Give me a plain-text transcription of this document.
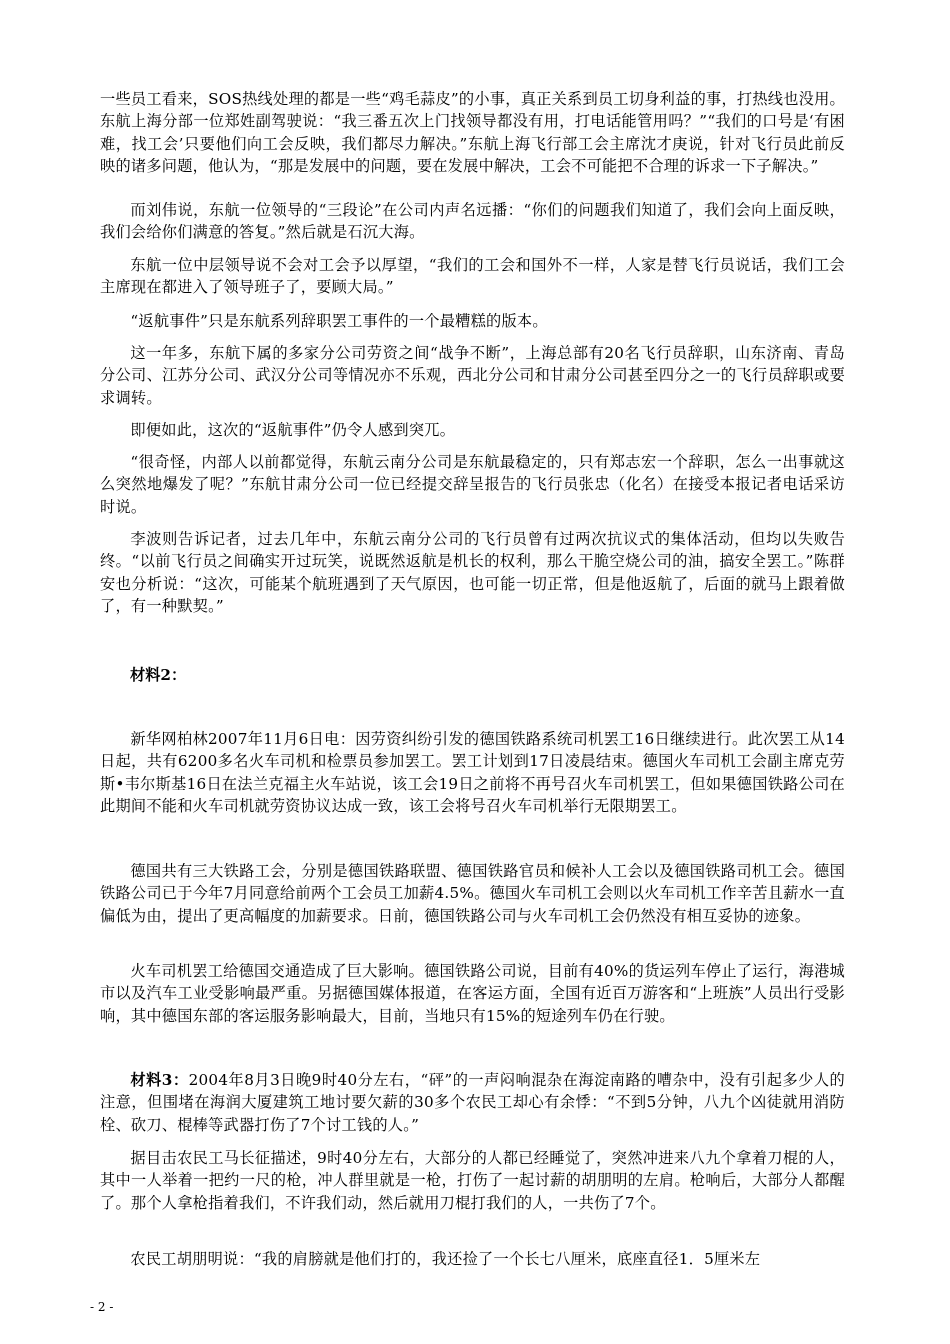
一些员工看来，SOS热线处理的都是一些“鸡毛蒜皮”的小事，真正关系到员工切身利益的事，打热线也没用。东航上海分部一位郑姓副驾驶说：“我三番五次上门找领导都没有用，打电话能管用吗？”“我们的口号是‘有困难，找工会’只要他们向工会反映，我们都尽力解决。”东航上海飞行部工会主席沈才庚说，针对飞行员此前反映的诸多问题，他认为，“那是发展中的问题，要在发展中解决，工会不可能把不合理的诉求一下子解决。”

而刘伟说，东航一位领导的“三段论”在公司内声名远播：“你们的问题我们知道了，我们会向上面反映，我们会给你们满意的答复。”然后就是石沉大海。

东航一位中层领导说不会对工会予以厚望，“我们的工会和国外不一样，人家是替飞行员说话，我们工会主席现在都进入了领导班子了，要顾大局。”

“返航事件”只是东航系列辞职罢工事件的一个最糟糕的版本。

这一年多，东航下属的多家分公司劳资之间“战争不断”，上海总部有20名飞行员辞职，山东济南、青岛分公司、江苏分公司、武汉分公司等情况亦不乐观，西北分公司和甘肃分公司甚至四分之一的飞行员辞职或要求调转。

即便如此，这次的“返航事件”仍令人感到突兀。

“很奇怪，内部人以前都觉得，东航云南分公司是东航最稳定的，只有郑志宏一个辞职，怎么一出事就这么突然地爆发了呢？”东航甘肃分公司一位已经提交辞呈报告的飞行员张忠（化名）在接受本报记者电话采访时说。

李波则告诉记者，过去几年中，东航云南分公司的飞行员曾有过两次抗议式的集体活动，但均以失败告终。“以前飞行员之间确实开过玩笑，说既然返航是机长的权利，那么干脆空烧公司的油，搞安全罢工。”陈群安也分析说：“这次，可能某个航班遇到了天气原因，也可能一切正常，但是他返航了，后面的就马上跟着做了，有一种默契。”

材料2：

新华网柏林2007年11月6日电：因劳资纠纷引发的德国铁路系统司机罢工16日继续进行。此次罢工从14日起，共有6200多名火车司机和检票员参加罢工。罢工计划到17日凌晨结束。德国火车司机工会副主席克劳斯•韦尔斯基16日在法兰克福主火车站说，该工会19日之前将不再号召火车司机罢工，但如果德国铁路公司在此期间不能和火车司机就劳资协议达成一致，该工会将号召火车司机举行无限期罢工。

德国共有三大铁路工会，分别是德国铁路联盟、德国铁路官员和候补人工会以及德国铁路司机工会。德国铁路公司已于今年7月同意给前两个工会员工加薪4.5%。德国火车司机工会则以火车司机工作辛苦且薪水一直偏低为由，提出了更高幅度的加薪要求。日前，德国铁路公司与火车司机工会仍然没有相互妥协的迹象。

火车司机罢工给德国交通造成了巨大影响。德国铁路公司说，目前有40%的货运列车停止了运行，海港城市以及汽车工业受影响最严重。另据德国媒体报道，在客运方面，全国有近百万游客和“上班族”人员出行受影响，其中德国东部的客运服务影响最大，目前，当地只有15%的短途列车仍在行驶。

材料3：2004年8月3日晚9时40分左右，“砰”的一声闷响混杂在海淀南路的嘈杂中，没有引起多少人的注意，但围堵在海润大厦建筑工地讨要欠薪的30多个农民工却心有余悸：“不到5分钟，八九个凶徒就用消防栓、砍刀、棍棒等武器打伤了7个讨工钱的人。”

据目击农民工马长征描述，9时40分左右，大部分的人都已经睡觉了，突然冲进来八九个拿着刀棍的人，其中一人举着一把约一尺的枪，冲人群里就是一枪，打伤了一起讨薪的胡朋明的左肩。枪响后，大部分人都醒了。那个人拿枪指着我们，不许我们动，然后就用刀棍打我们的人，一共伤了7个。

农民工胡朋明说：“我的肩膀就是他们打的，我还捡了一个长七八厘米，底座直径1．5厘米左

- 2 -
